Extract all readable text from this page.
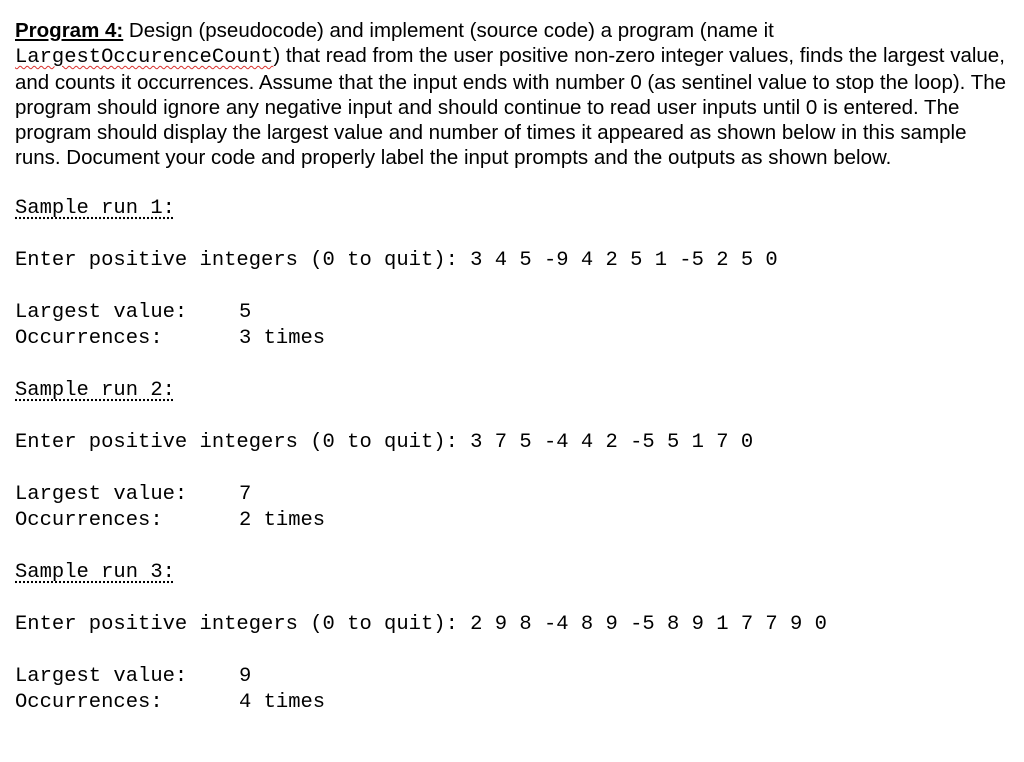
Program 4: Design (pseudocode) and implement (source code) a program (name it LargestOccurenceCount) that read from the user positive non-zero integer values, finds the largest value, and counts it occurrences. Assume that the input ends with number 0 (as sentinel value to stop the loop). The program should ignore any negative input and should continue to read user inputs until 0 is entered. The program should display the largest value and number of times it appeared as shown below in this sample runs. Document your code and properly label the input prompts and the outputs as shown below.

Sample run 1:

Enter positive integers (0 to quit): 3 4 5 -9 4 2 5 1 -5 2 5 0

Largest value:	5
Occurrences:	3 times

Sample run 2:

Enter positive integers (0 to quit): 3 7 5 -4 4 2 -5 5 1 7 0

Largest value:	7
Occurrences:	2 times

Sample run 3:

Enter positive integers (0 to quit): 2 9 8 -4 8 9 -5 8 9 1 7 7 9 0

Largest value:	9
Occurrences:	4 times
